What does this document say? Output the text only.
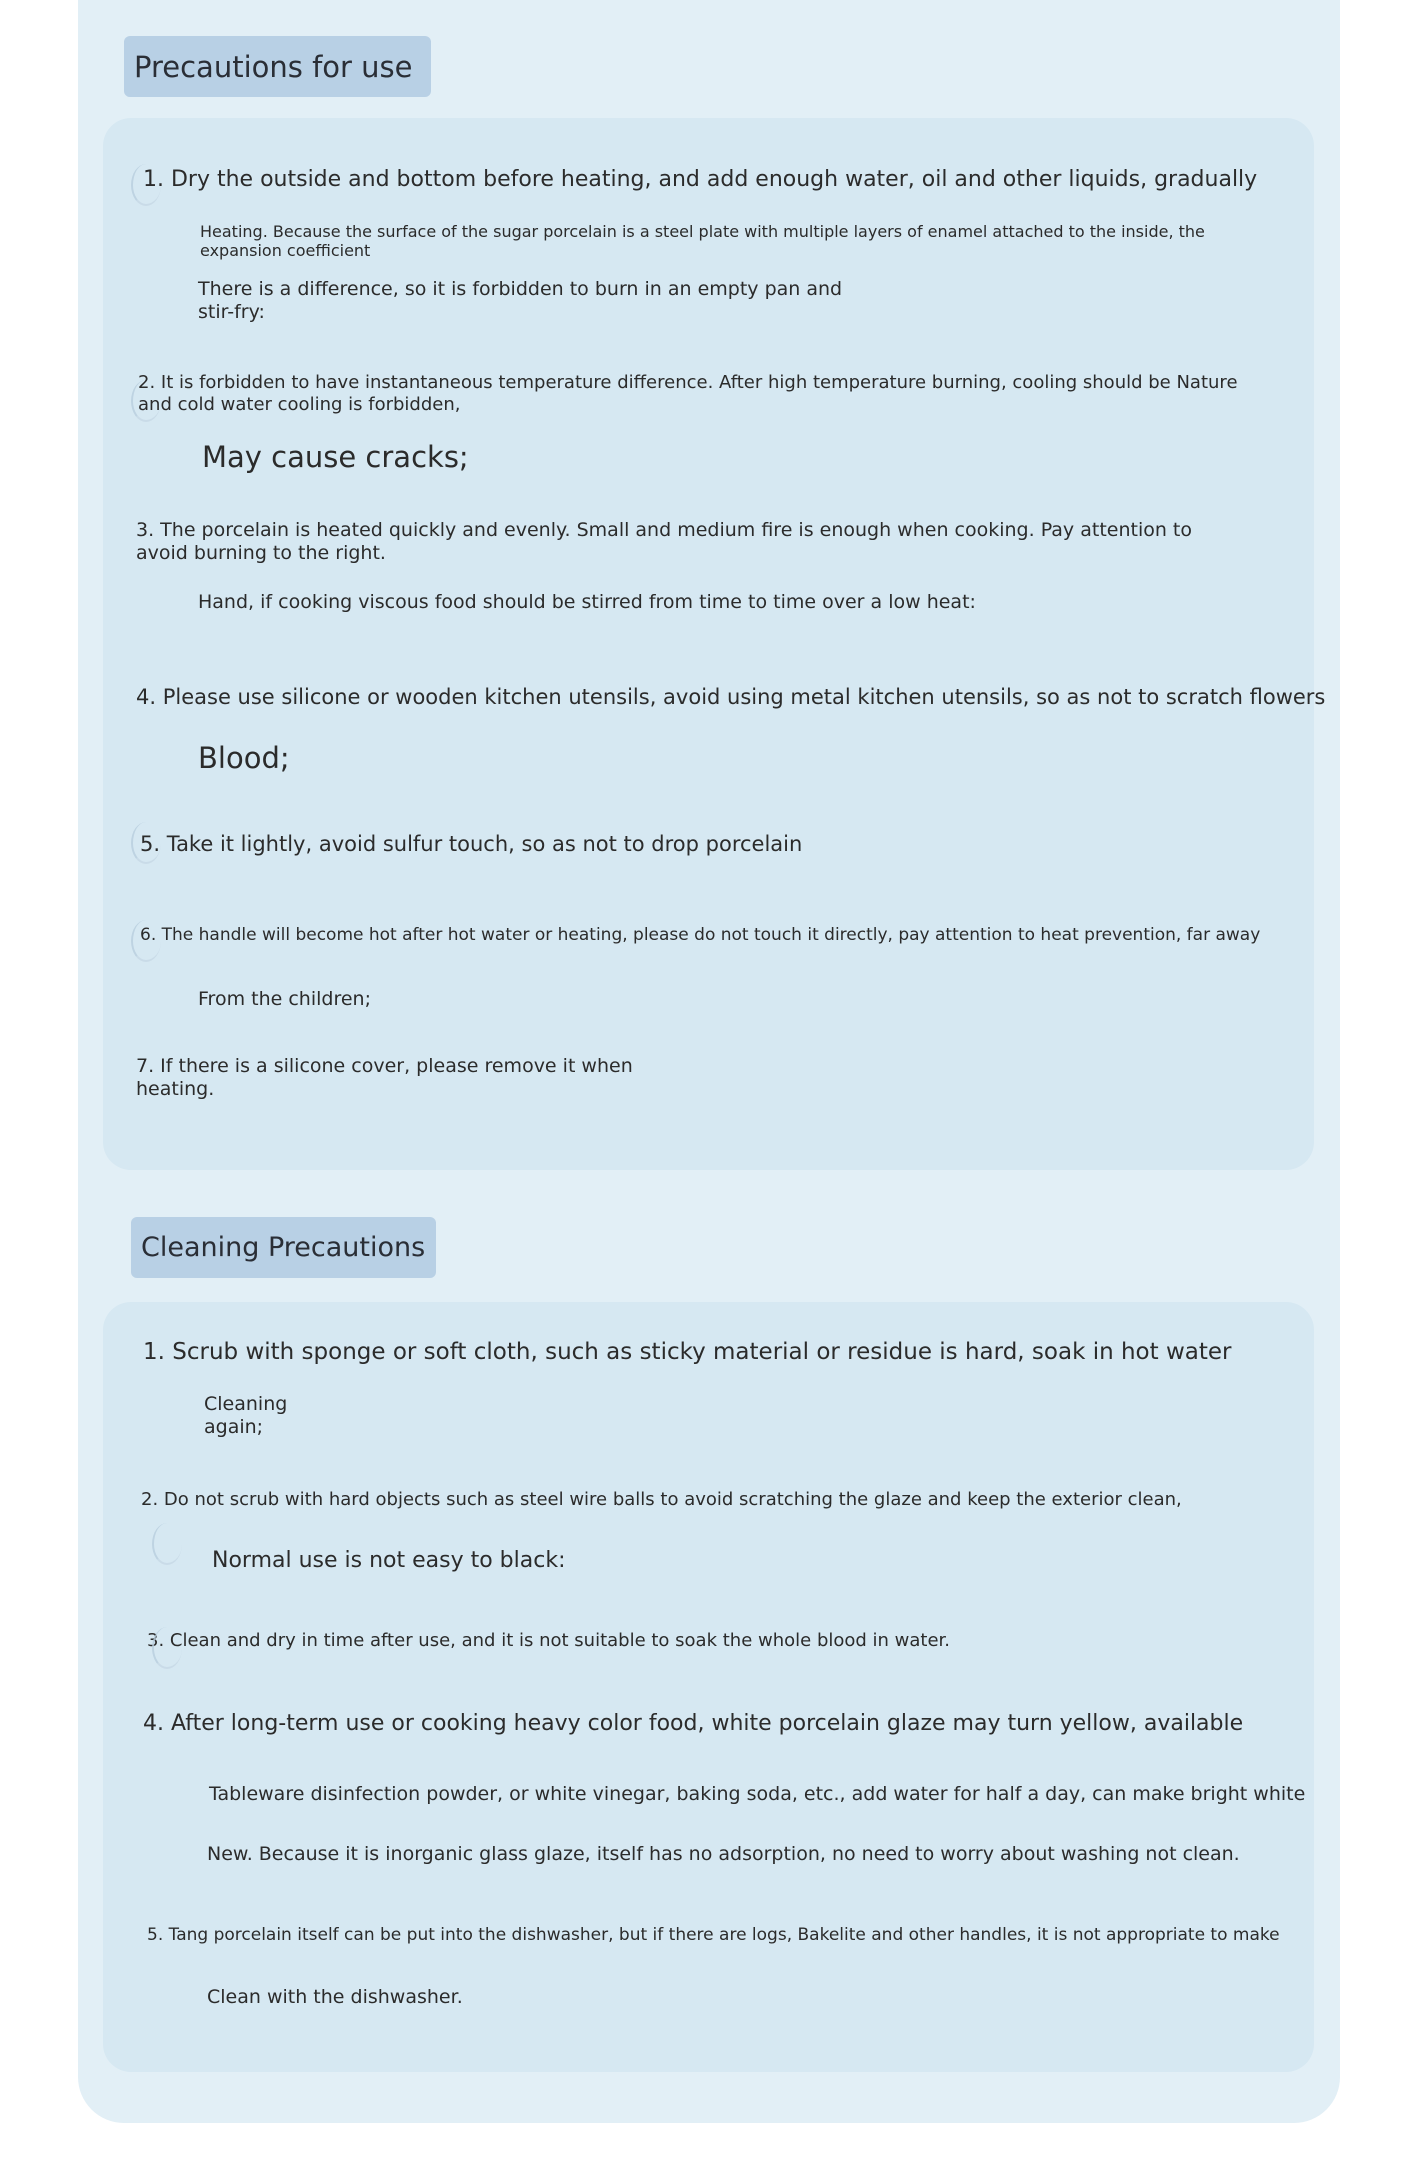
Precautions for use
1. Dry the outside and bottom before heating, and add enough water, oil and other liquids, gradually
Heating. Because the surface of the sugar porcelain is a steel plate with multiple layers of enamel attached to the inside, the expansion coefficient
There is a difference, so it is forbidden to burn in an empty pan and stir-fry:
2. It is forbidden to have instantaneous temperature difference. After high temperature burning, cooling should be Nature and cold water cooling is forbidden,
May cause cracks;
3. The porcelain is heated quickly and evenly. Small and medium fire is enough when cooking. Pay attention to avoid burning to the right.
Hand, if cooking viscous food should be stirred from time to time over a low heat:
4. Please use silicone or wooden kitchen utensils, avoid using metal kitchen utensils, so as not to scratch flowers
Blood;
5. Take it lightly, avoid sulfur touch, so as not to drop porcelain
6. The handle will become hot after hot water or heating, please do not touch it directly, pay attention to heat prevention, far away
From the children;
7. If there is a silicone cover, please remove it when heating.
Cleaning Precautions
1. Scrub with sponge or soft cloth, such as sticky material or residue is hard, soak in hot water
Cleaning again;
2. Do not scrub with hard objects such as steel wire balls to avoid scratching the glaze and keep the exterior clean,
Normal use is not easy to black:
3. Clean and dry in time after use, and it is not suitable to soak the whole blood in water.
4. After long-term use or cooking heavy color food, white porcelain glaze may turn yellow, available
Tableware disinfection powder, or white vinegar, baking soda, etc., add water for half a day, can make bright white
New. Because it is inorganic glass glaze, itself has no adsorption, no need to worry about washing not clean.
5. Tang porcelain itself can be put into the dishwasher, but if there are logs, Bakelite and other handles, it is not appropriate to make
Clean with the dishwasher.
